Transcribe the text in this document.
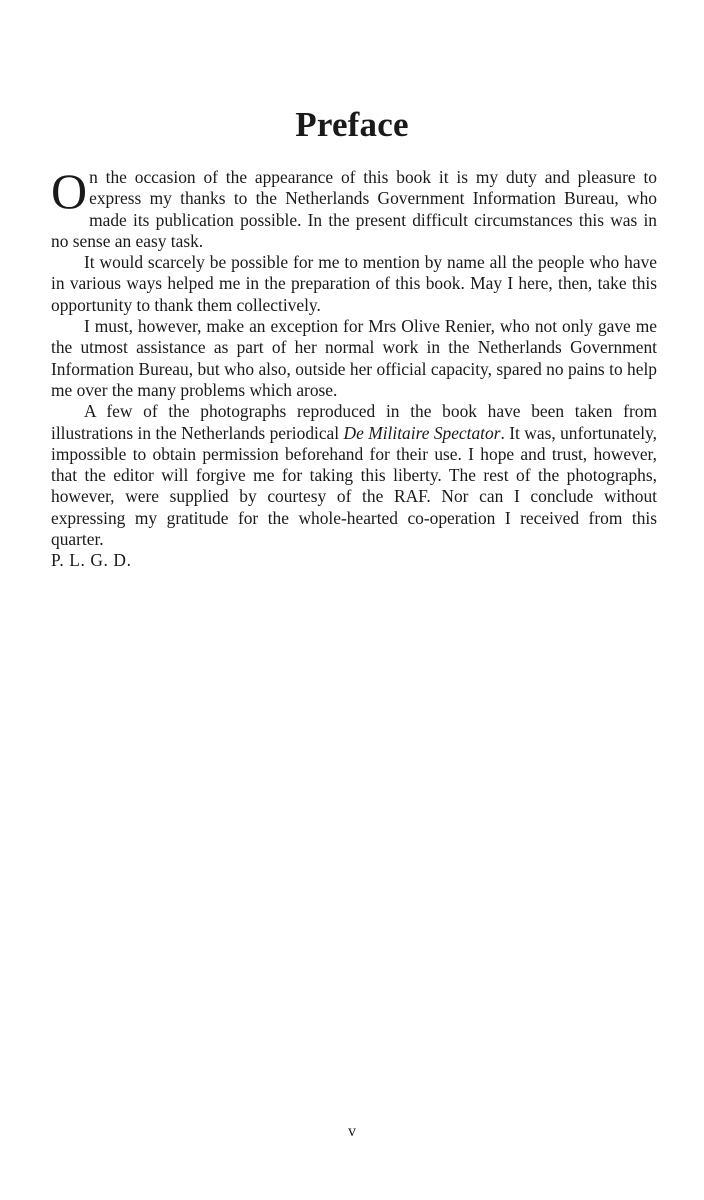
Preface

On the occasion of the appearance of this book it is my duty and pleasure to express my thanks to the Netherlands Government Information Bureau, who made its publication possible. In the present difficult circumstances this was in no sense an easy task.

It would scarcely be possible for me to mention by name all the people who have in various ways helped me in the preparation of this book. May I here, then, take this opportunity to thank them collectively.

I must, however, make an exception for Mrs Olive Renier, who not only gave me the utmost assistance as part of her normal work in the Netherlands Government Information Bureau, but who also, outside her official capacity, spared no pains to help me over the many problems which arose.

A few of the photographs reproduced in the book have been taken from illustrations in the Netherlands periodical De Militaire Spectator. It was, unfortunately, impossible to obtain permission beforehand for their use. I hope and trust, however, that the editor will forgive me for taking this liberty. The rest of the photographs, however, were supplied by courtesy of the RAF. Nor can I conclude without expressing my gratitude for the whole-hearted co-operation I received from this quarter.

P. L. G. D.

v
